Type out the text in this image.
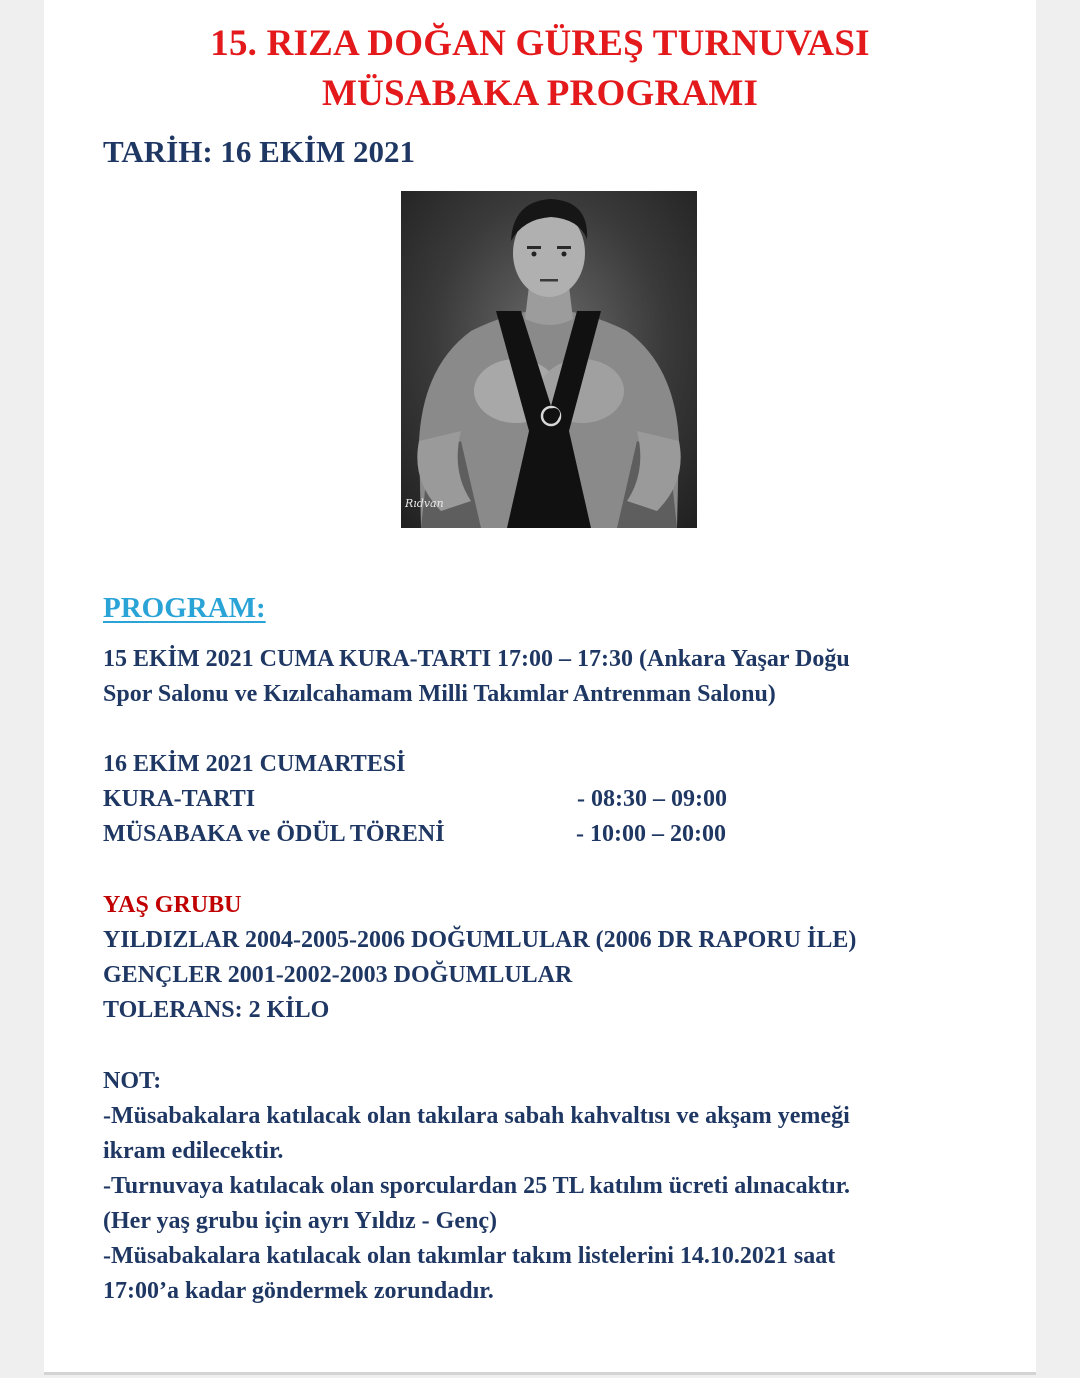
15. RIZA DOĞAN GÜREŞ TURNUVASI
MÜSABAKA PROGRAMI
TARİH: 16 EKİM 2021
Rıdvan
PROGRAM:
15 EKİM 2021 CUMA KURA-TARTI 17:00 – 17:30 (Ankara Yaşar Doğu
Spor Salonu ve Kızılcahamam Milli Takımlar Antrenman Salonu)
16 EKİM 2021 CUMARTESİ
KURA-TARTI	- 08:30 – 09:00
MÜSABAKA ve ÖDÜL TÖRENİ	- 10:00 – 20:00
YAŞ GRUBU
YILDIZLAR 2004-2005-2006 DOĞUMLULAR (2006 DR RAPORU İLE)
GENÇLER 2001-2002-2003 DOĞUMLULAR
TOLERANS: 2 KİLO
NOT:
-Müsabakalara katılacak olan takılara sabah kahvaltısı ve akşam yemeği
ikram edilecektir.
-Turnuvaya katılacak olan sporculardan 25 TL katılım ücreti alınacaktır.
(Her yaş grubu için ayrı Yıldız - Genç)
-Müsabakalara katılacak olan takımlar takım listelerini 14.10.2021 saat
17:00’a kadar göndermek zorundadır.
